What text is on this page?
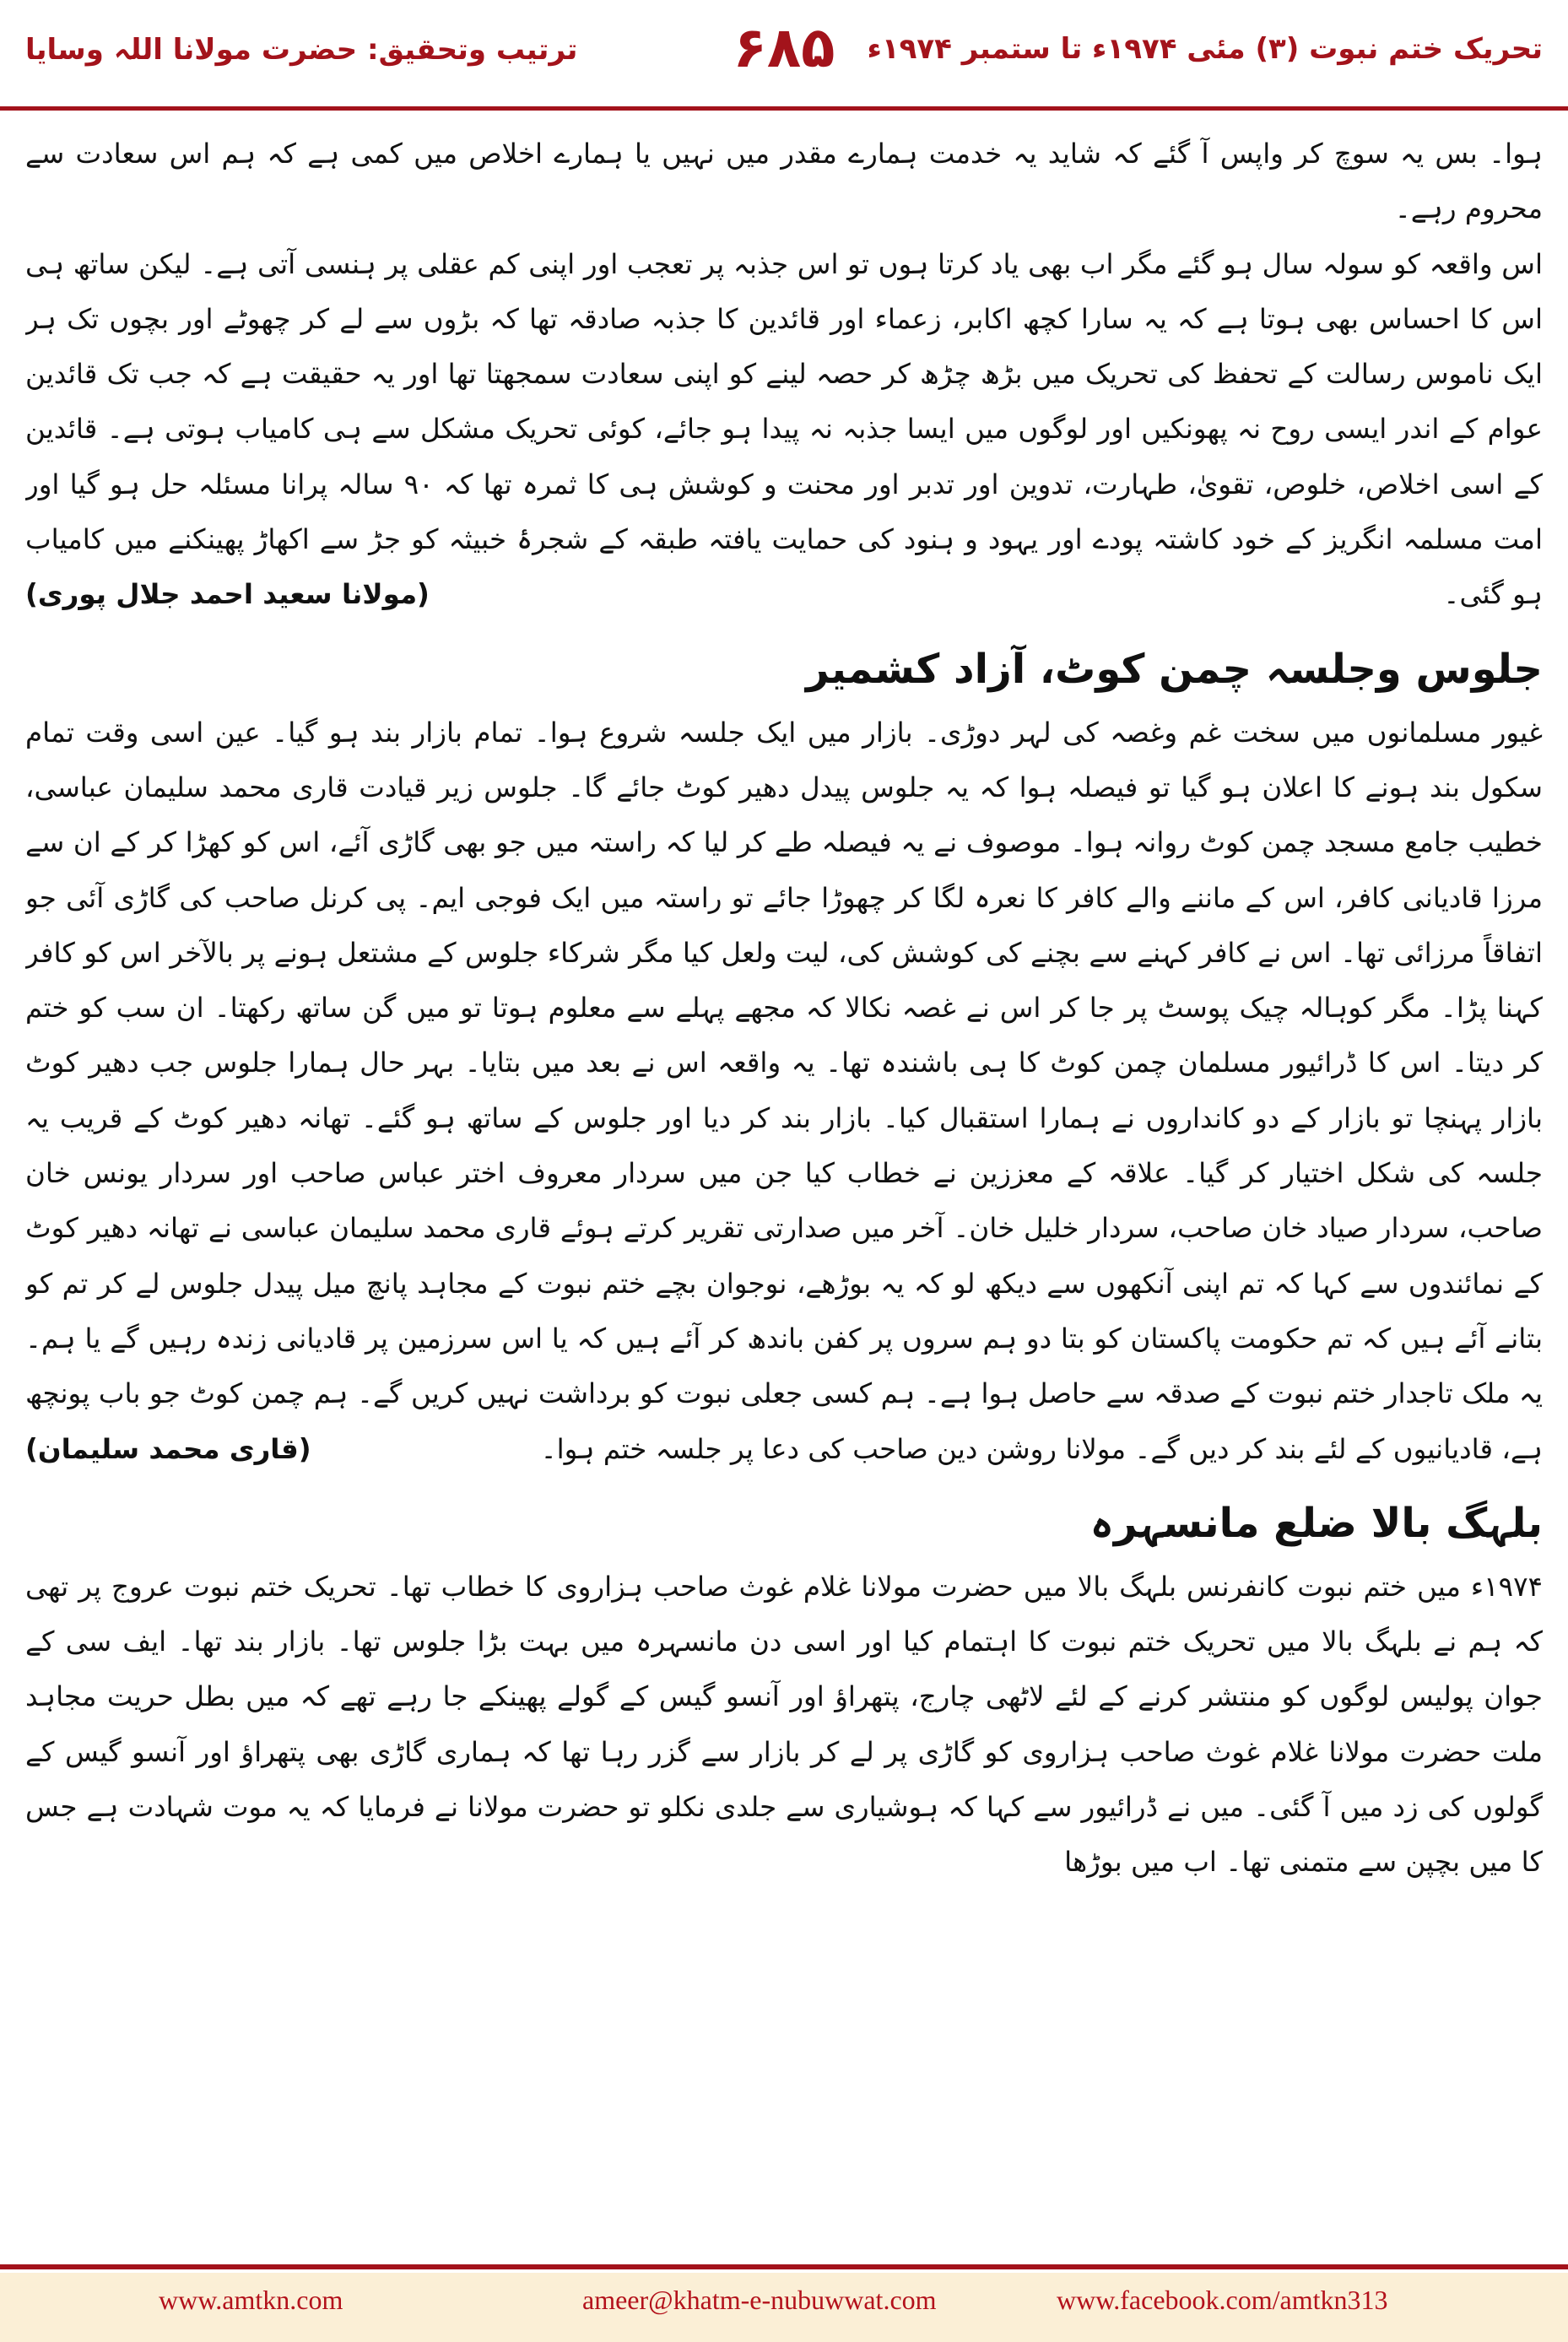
تحریک ختم نبوت (۳) مئی ۱۹۷۴ء تا ستمبر ۱۹۷۴ء
۶۸۵
ترتیب وتحقیق: حضرت مولانا اللہ وسایا

ہوا۔ بس یہ سوچ کر واپس آ گئے کہ شاید یہ خدمت ہمارے مقدر میں نہیں یا ہمارے اخلاص میں کمی ہے کہ ہم اس سعادت سے محروم رہے۔

اس واقعہ کو سولہ سال ہو گئے مگر اب بھی یاد کرتا ہوں تو اس جذبہ پر تعجب اور اپنی کم عقلی پر ہنسی آتی ہے۔ لیکن ساتھ ہی اس کا احساس بھی ہوتا ہے کہ یہ سارا کچھ اکابر، زعماء اور قائدین کا جذبہ صادقہ تھا کہ بڑوں سے لے کر چھوٹے اور بچوں تک ہر ایک ناموس رسالت کے تحفظ کی تحریک میں بڑھ چڑھ کر حصہ لینے کو اپنی سعادت سمجھتا تھا اور یہ حقیقت ہے کہ جب تک قائدین عوام کے اندر ایسی روح نہ پھونکیں اور لوگوں میں ایسا جذبہ نہ پیدا ہو جائے، کوئی تحریک مشکل سے ہی کامیاب ہوتی ہے۔ قائدین کے اسی اخلاص، خلوص، تقویٰ، طہارت، تدوین اور تدبر اور محنت و کوشش ہی کا ثمرہ تھا کہ ۹۰ سالہ پرانا مسئلہ حل ہو گیا اور امت مسلمہ انگریز کے خود کاشتہ پودے اور یہود و ہنود کی حمایت یافتہ طبقہ کے شجرۂ خبیثہ کو جڑ سے اکھاڑ پھینکنے میں کامیاب ہو گئی۔
(مولانا سعید احمد جلال پوری)

جلوس وجلسہ چمن کوٹ، آزاد کشمیر

غیور مسلمانوں میں سخت غم وغصہ کی لہر دوڑی۔ بازار میں ایک جلسہ شروع ہوا۔ تمام بازار بند ہو گیا۔ عین اسی وقت تمام سکول بند ہونے کا اعلان ہو گیا تو فیصلہ ہوا کہ یہ جلوس پیدل دھیر کوٹ جائے گا۔ جلوس زیر قیادت قاری محمد سلیمان عباسی، خطیب جامع مسجد چمن کوٹ روانہ ہوا۔ موصوف نے یہ فیصلہ طے کر لیا کہ راستہ میں جو بھی گاڑی آئے، اس کو کھڑا کر کے ان سے مرزا قادیانی کافر، اس کے ماننے والے کافر کا نعرہ لگا کر چھوڑا جائے تو راستہ میں ایک فوجی ایم۔ پی کرنل صاحب کی گاڑی آئی جو اتفاقاً مرزائی تھا۔ اس نے کافر کہنے سے بچنے کی کوشش کی، لیت ولعل کیا مگر شرکاء جلوس کے مشتعل ہونے پر بالآخر اس کو کافر کہنا پڑا۔ مگر کوہالہ چیک پوسٹ پر جا کر اس نے غصہ نکالا کہ مجھے پہلے سے معلوم ہوتا تو میں گن ساتھ رکھتا۔ ان سب کو ختم کر دیتا۔ اس کا ڈرائیور مسلمان چمن کوٹ کا ہی باشندہ تھا۔ یہ واقعہ اس نے بعد میں بتایا۔ بہر حال ہمارا جلوس جب دھیر کوٹ بازار پہنچا تو بازار کے دو کانداروں نے ہمارا استقبال کیا۔ بازار بند کر دیا اور جلوس کے ساتھ ہو گئے۔ تھانہ دھیر کوٹ کے قریب یہ جلسہ کی شکل اختیار کر گیا۔ علاقہ کے معززین نے خطاب کیا جن میں سردار معروف اختر عباس صاحب اور سردار یونس خان صاحب، سردار صیاد خان صاحب، سردار خلیل خان۔ آخر میں صدارتی تقریر کرتے ہوئے قاری محمد سلیمان عباسی نے تھانہ دھیر کوٹ کے نمائندوں سے کہا کہ تم اپنی آنکھوں سے دیکھ لو کہ یہ بوڑھے، نوجوان بچے ختم نبوت کے مجاہد پانچ میل پیدل جلوس لے کر تم کو بتانے آئے ہیں کہ تم حکومت پاکستان کو بتا دو ہم سروں پر کفن باندھ کر آئے ہیں کہ یا اس سرزمین پر قادیانی زندہ رہیں گے یا ہم۔ یہ ملک تاجدار ختم نبوت کے صدقہ سے حاصل ہوا ہے۔ ہم کسی جعلی نبوت کو برداشت نہیں کریں گے۔ ہم چمن کوٹ جو باب پونچھ ہے، قادیانیوں کے لئے بند کر دیں گے۔ مولانا روشن دین صاحب کی دعا پر جلسہ ختم ہوا۔
(قاری محمد سلیمان)

بلہگ بالا ضلع مانسہرہ

۱۹۷۴ء میں ختم نبوت کانفرنس بلہگ بالا میں حضرت مولانا غلام غوث صاحب ہزاروی کا خطاب تھا۔ تحریک ختم نبوت عروج پر تھی کہ ہم نے بلہگ بالا میں تحریک ختم نبوت کا اہتمام کیا اور اسی دن مانسہرہ میں بہت بڑا جلوس تھا۔ بازار بند تھا۔ ایف سی کے جوان پولیس لوگوں کو منتشر کرنے کے لئے لاٹھی چارج، پتھراؤ اور آنسو گیس کے گولے پھینکے جا رہے تھے کہ میں بطل حریت مجاہد ملت حضرت مولانا غلام غوث صاحب ہزاروی کو گاڑی پر لے کر بازار سے گزر رہا تھا کہ ہماری گاڑی بھی پتھراؤ اور آنسو گیس کے گولوں کی زد میں آ گئی۔ میں نے ڈرائیور سے کہا کہ ہوشیاری سے جلدی نکلو تو حضرت مولانا نے فرمایا کہ یہ موت شہادت ہے جس کا میں بچپن سے متمنی تھا۔ اب میں بوڑھا

www.amtkn.com	ameer@khatm-e-nubuwwat.com	www.facebook.com/amtkn313
